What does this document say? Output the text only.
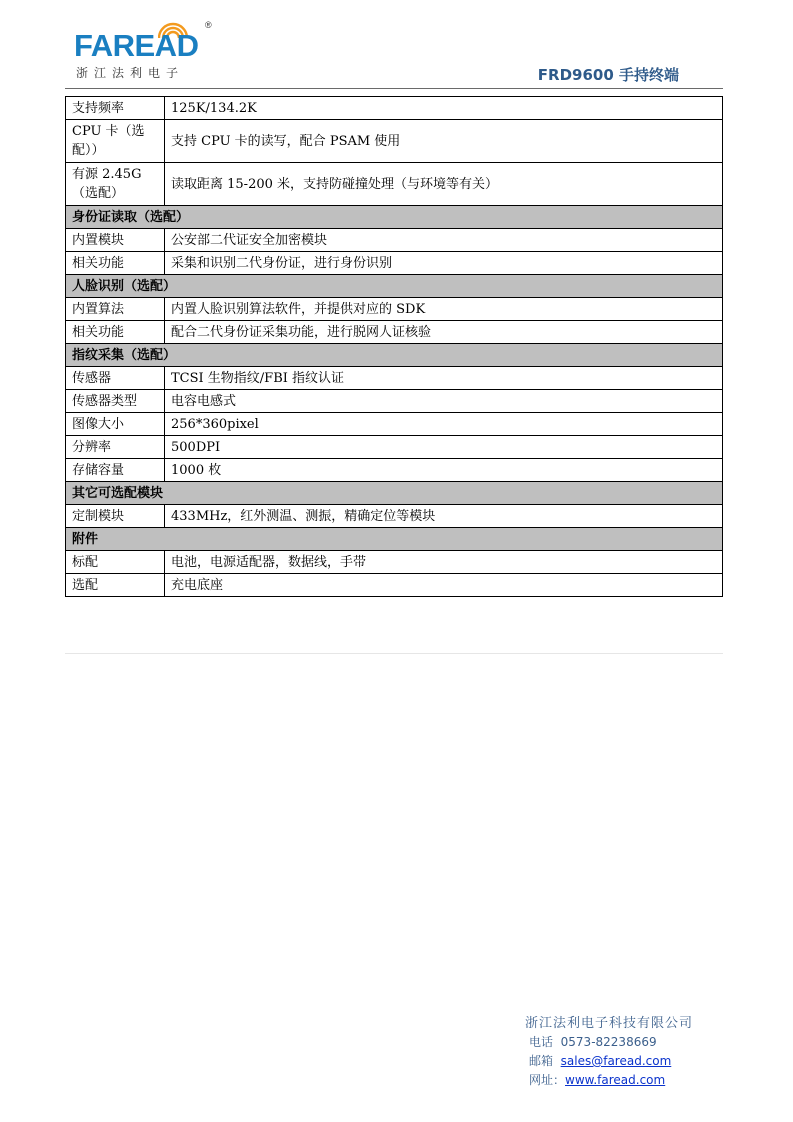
FAREAD
®
浙江法利电子	FRD9600 手持终端
支持频率	125K/134.2K
CPU 卡（选配））	支持 CPU 卡的读写，配合 PSAM 使用
有源 2.45G（选配）	读取距离 15-200 米，支持防碰撞处理（与环境等有关）
身份证读取（选配）	
内置模块	公安部二代证安全加密模块
相关功能	采集和识别二代身份证，进行身份识别
人脸识别（选配）	
内置算法	内置人脸识别算法软件，并提供对应的 SDK
相关功能	配合二代身份证采集功能，进行脱网人证核验
指纹采集（选配）	
传感器	TCSI 生物指纹/FBI 指纹认证
传感器类型	电容电感式
图像大小	256*360pixel
分辨率	500DPI
存储容量	1000 枚
其它可选配模块	
定制模块	433MHz，红外测温、测振，精确定位等模块
附件	
标配	电池，电源适配器，数据线，手带
选配	充电底座
浙江法利电子科技有限公司
电话 0573-82238669
邮箱 sales@faread.com
网址：www.faread.com
